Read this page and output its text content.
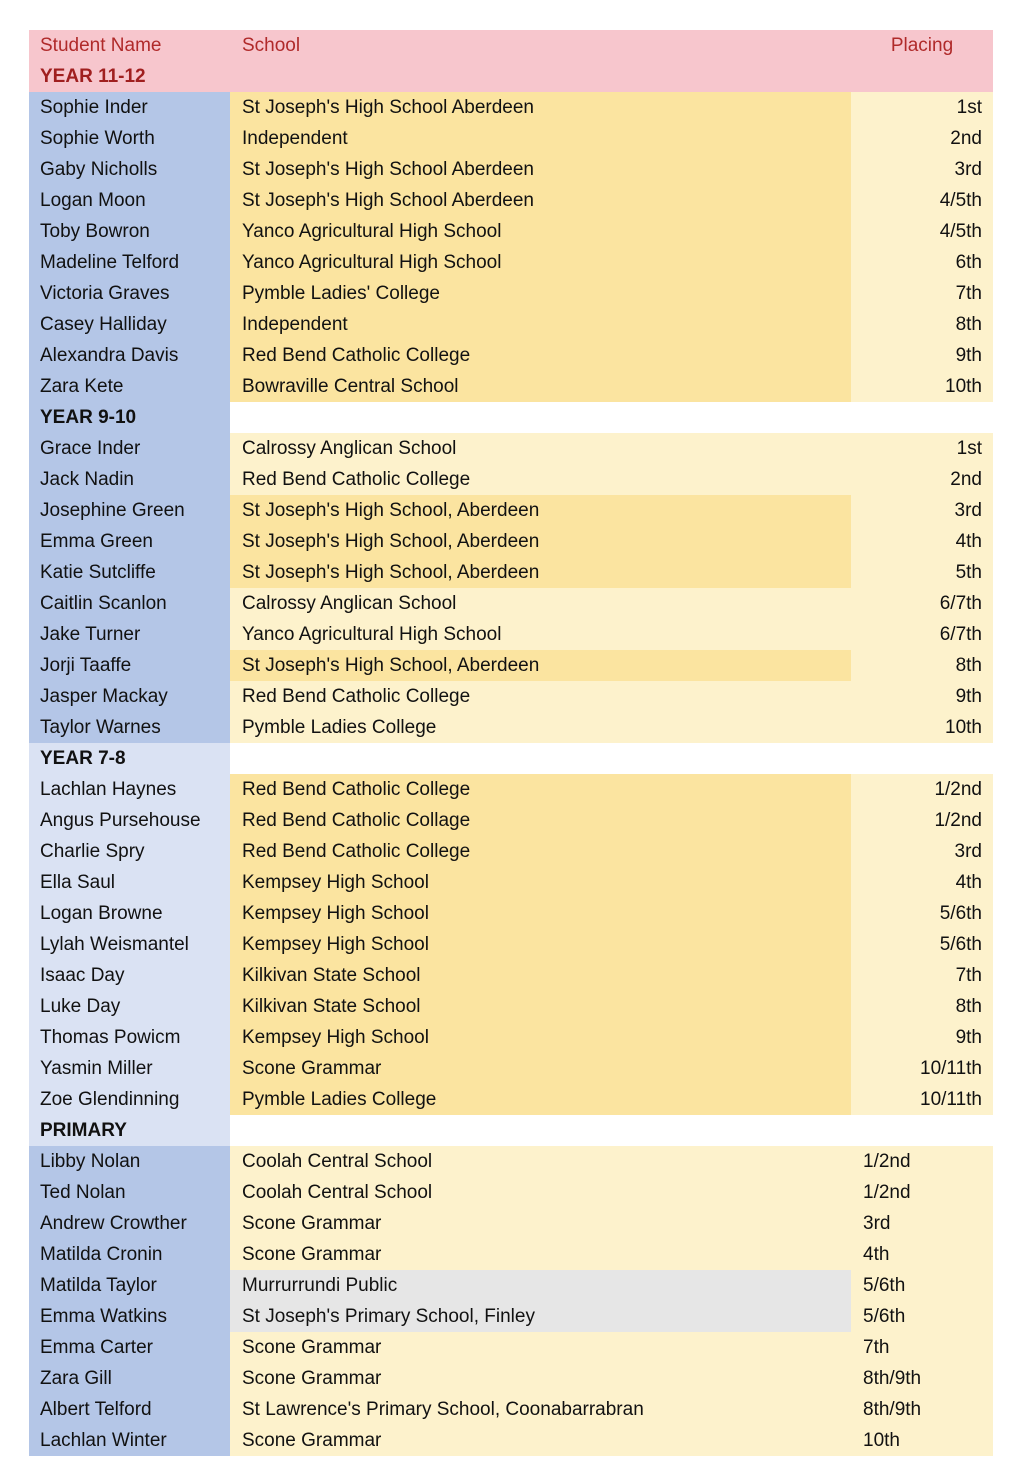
Student Name	School	Placing
YEAR 11-12
Sophie Inder	St Joseph's High School Aberdeen	1st
Sophie Worth	Independent	2nd
Gaby Nicholls	St Joseph's High School Aberdeen	3rd
Logan Moon	St Joseph's High School Aberdeen	4/5th
Toby Bowron	Yanco Agricultural High School	4/5th
Madeline Telford	Yanco Agricultural High School	6th
Victoria Graves	Pymble Ladies' College	7th
Casey Halliday	Independent	8th
Alexandra Davis	Red Bend Catholic College	9th
Zara Kete	Bowraville Central School	10th
YEAR 9-10
Grace Inder	Calrossy Anglican School	1st
Jack Nadin	Red Bend Catholic College	2nd
Josephine Green	St Joseph's High School, Aberdeen	3rd
Emma Green	St Joseph's High School, Aberdeen	4th
Katie Sutcliffe	St Joseph's High School, Aberdeen	5th
Caitlin Scanlon	Calrossy Anglican School	6/7th
Jake Turner	Yanco Agricultural High School	6/7th
Jorji Taaffe	St Joseph's High School, Aberdeen	8th
Jasper Mackay	Red Bend Catholic College	9th
Taylor Warnes	Pymble Ladies College	10th
YEAR 7-8
Lachlan Haynes	Red Bend Catholic College	1/2nd
Angus Pursehouse	Red Bend Catholic Collage	1/2nd
Charlie Spry	Red Bend Catholic College	3rd
Ella Saul	Kempsey High School	4th
Logan Browne	Kempsey High School	5/6th
Lylah Weismantel	Kempsey High School	5/6th
Isaac Day	Kilkivan State School	7th
Luke Day	Kilkivan State School	8th
Thomas Powicm	Kempsey High School	9th
Yasmin Miller	Scone Grammar	10/11th
Zoe Glendinning	Pymble Ladies College	10/11th
PRIMARY
Libby Nolan	Coolah Central School	1/2nd
Ted Nolan	Coolah Central School	1/2nd
Andrew Crowther	Scone Grammar	3rd
Matilda Cronin	Scone Grammar	4th
Matilda Taylor	Murrurrundi Public	5/6th
Emma Watkins	St Joseph's Primary School, Finley	5/6th
Emma Carter	Scone Grammar	7th
Zara Gill	Scone Grammar	8th/9th
Albert Telford	St Lawrence's Primary School, Coonabarrabran	8th/9th
Lachlan Winter	Scone Grammar	10th
